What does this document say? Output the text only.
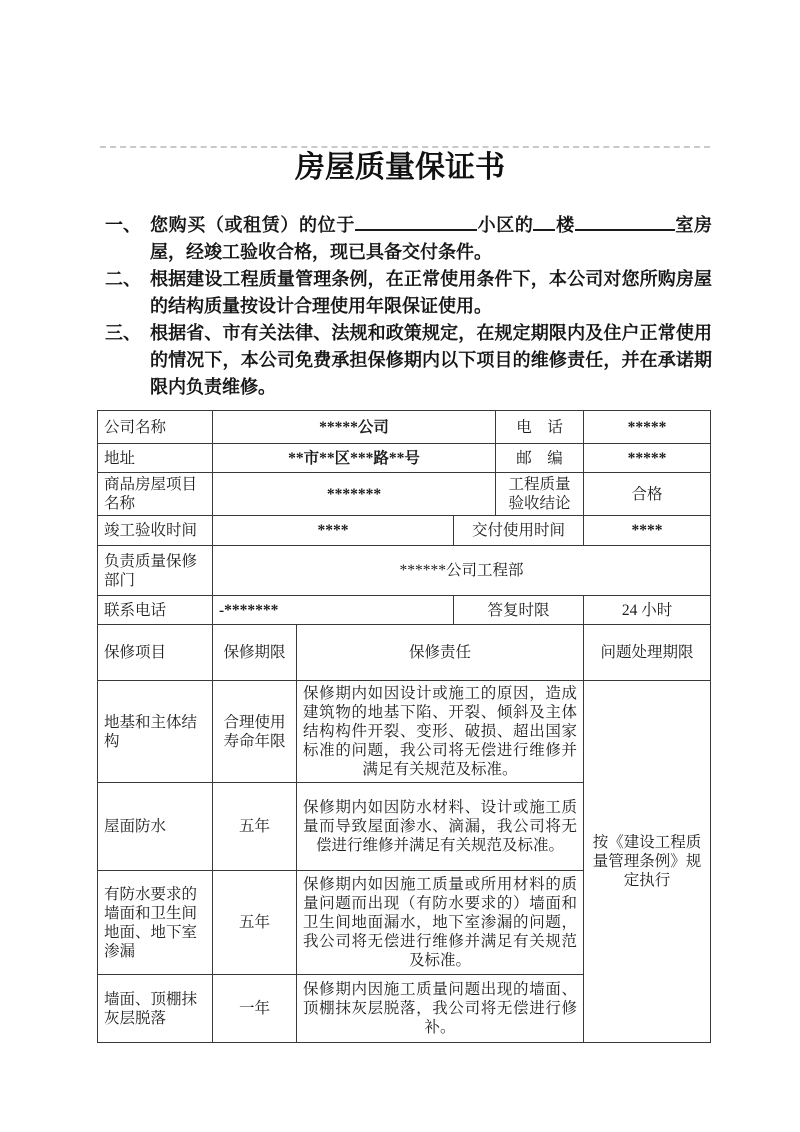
房屋质量保证书
一、 您购买（或租赁）的位于	小区的 楼	室房屋，经竣工验收合格，现已具备交付条件。
二、 根据建设工程质量管理条例，在正常使用条件下，本公司对您所购房屋的结构质量按设计合理使用年限保证使用。
三、 根据省、市有关法律、法规和政策规定，在规定期限内及住户正常使用的情况下，本公司免费承担保修期内以下项目的维修责任，并在承诺期限内负责维修。
公司名称	*****公司			电　话	*****
地址	**市**区***路**号			邮　编	*****
商品房屋项目名称	*******			工程质量验收结论	合格
竣工验收时间	****		交付使用时间		****
负责质量保修部门	******公司工程部				
联系电话	-*******		答复时限		24 小时
保修项目	保修期限	保修责任			问题处理期限
地基和主体结构	合理使用寿命年限	保修期内如因设计或施工的原因，造成建筑物的地基下陷、开裂、倾斜及主体结构构件开裂、变形、破损、超出国家标准的问题，我公司将无偿进行维修并满足有关规范及标准。			按《建设工程质量管理条例》规定执行
屋面防水	五年	保修期内如因防水材料、设计或施工质量而导致屋面渗水、滴漏，我公司将无偿进行维修并满足有关规范及标准。			
有防水要求的墙面和卫生间地面、地下室渗漏	五年	保修期内如因施工质量或所用材料的质量问题而出现（有防水要求的）墙面和卫生间地面漏水，地下室渗漏的问题，我公司将无偿进行维修并满足有关规范及标准。			
墙面、顶棚抹灰层脱落	一年	保修期内因施工质量问题出现的墙面、顶棚抹灰层脱落，我公司将无偿进行修补。			
